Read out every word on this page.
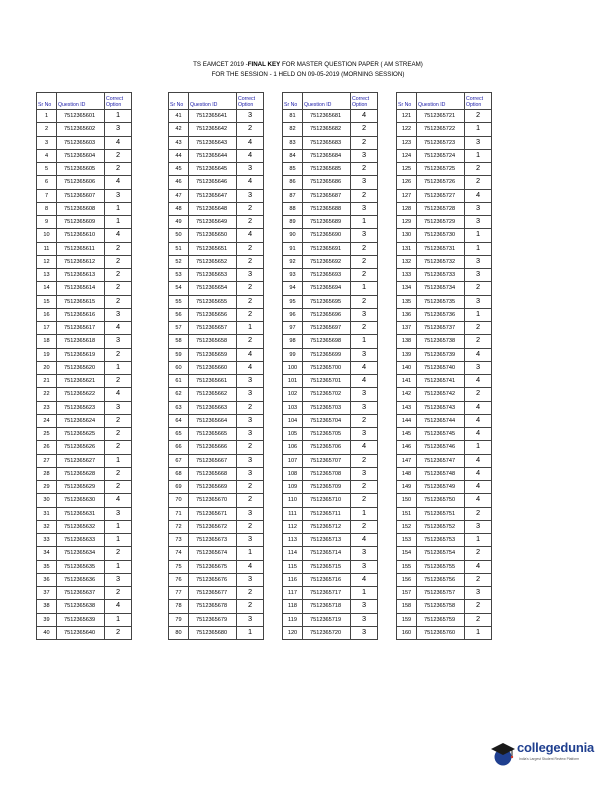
TS EAMCET 2019 -FINAL KEY FOR MASTER QUESTION PAPER ( AM STREAM)
FOR THE SESSION - 1 HELD ON 09-05-2019 (MORNING SESSION)
Sr No	Question ID	Correct Option
1	7512365601	1
2	7512365602	3
3	7512365603	4
4	7512365604	2
5	7512365605	2
6	7512365606	4
7	7512365607	3
8	7512365608	1
9	7512365609	1
10	7512365610	4
11	7512365611	2
12	7512365612	2
13	7512365613	2
14	7512365614	2
15	7512365615	2
16	7512365616	3
17	7512365617	4
18	7512365618	3
19	7512365619	2
20	7512365620	1
21	7512365621	2
22	7512365622	4
23	7512365623	3
24	7512365624	2
25	7512365625	2
26	7512365626	2
27	7512365627	1
28	7512365628	2
29	7512365629	2
30	7512365630	4
31	7512365631	3
32	7512365632	1
33	7512365633	1
34	7512365634	2
35	7512365635	1
36	7512365636	3
37	7512365637	2
38	7512365638	4
39	7512365639	1
40	7512365640	2
Sr No	Question ID	Correct Option
41	7512365641	3
42	7512365642	2
43	7512365643	4
44	7512365644	4
45	7512365645	3
46	7512365646	4
47	7512365647	3
48	7512365648	2
49	7512365649	2
50	7512365650	4
51	7512365651	2
52	7512365652	2
53	7512365653	3
54	7512365654	2
55	7512365655	2
56	7512365656	2
57	7512365657	1
58	7512365658	2
59	7512365659	4
60	7512365660	4
61	7512365661	3
62	7512365662	3
63	7512365663	2
64	7512365664	3
65	7512365665	3
66	7512365666	2
67	7512365667	3
68	7512365668	3
69	7512365669	2
70	7512365670	2
71	7512365671	3
72	7512365672	2
73	7512365673	3
74	7512365674	1
75	7512365675	4
76	7512365676	3
77	7512365677	2
78	7512365678	2
79	7512365679	3
80	7512365680	1
Sr No	Question ID	Correct Option
81	7512365681	4
82	7512365682	2
83	7512365683	2
84	7512365684	3
85	7512365685	2
86	7512365686	3
87	7512365687	2
88	7512365688	3
89	7512365689	1
90	7512365690	3
91	7512365691	2
92	7512365692	2
93	7512365693	2
94	7512365694	1
95	7512365695	2
96	7512365696	3
97	7512365697	2
98	7512365698	1
99	7512365699	3
100	7512365700	4
101	7512365701	4
102	7512365702	3
103	7512365703	3
104	7512365704	2
105	7512365705	3
106	7512365706	4
107	7512365707	2
108	7512365708	3
109	7512365709	2
110	7512365710	2
111	7512365711	1
112	7512365712	2
113	7512365713	4
114	7512365714	3
115	7512365715	3
116	7512365716	4
117	7512365717	1
118	7512365718	3
119	7512365719	3
120	7512365720	3
Sr No	Question ID	Correct Option
121	7512365721	2
122	7512365722	1
123	7512365723	3
124	7512365724	1
125	7512365725	2
126	7512365726	2
127	7512365727	4
128	7512365728	3
129	7512365729	3
130	7512365730	1
131	7512365731	1
132	7512365732	3
133	7512365733	3
134	7512365734	2
135	7512365735	3
136	7512365736	1
137	7512365737	2
138	7512365738	2
139	7512365739	4
140	7512365740	3
141	7512365741	4
142	7512365742	2
143	7512365743	4
144	7512365744	4
145	7512365745	4
146	7512365746	1
147	7512365747	4
148	7512365748	4
149	7512365749	4
150	7512365750	4
151	7512365751	2
152	7512365752	3
153	7512365753	1
154	7512365754	2
155	7512365755	4
156	7512365756	2
157	7512365757	3
158	7512365758	2
159	7512365759	2
160	7512365760	1
collegedunia
India's Largest Student Review Platform
